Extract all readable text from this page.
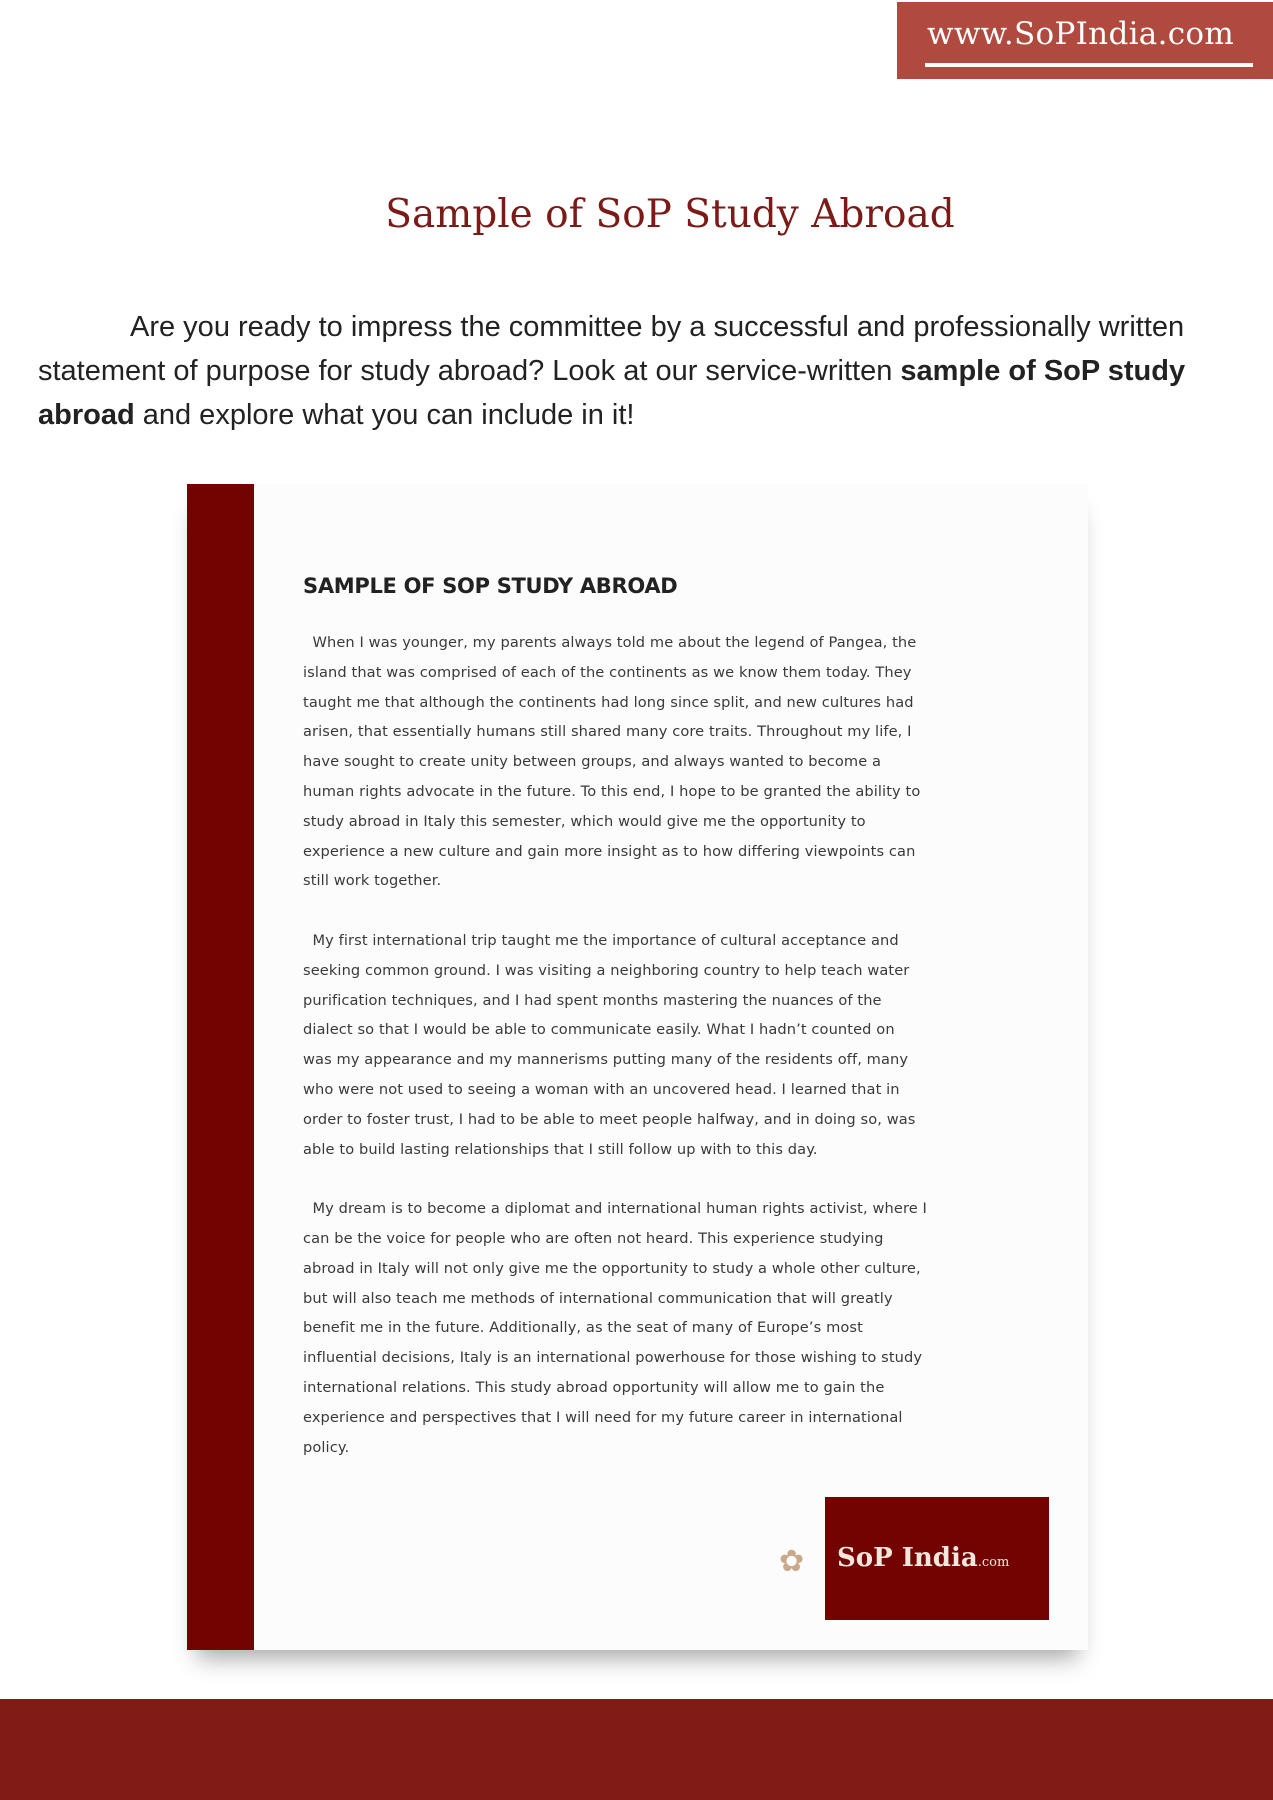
www.SoPIndia.com
Sample of SoP Study Abroad

Are you ready to impress the committee by a successful and professionally written statement of purpose for study abroad? Look at our service-written sample of SoP study abroad and explore what you can include in it!

SAMPLE OF SOP STUDY ABROAD
When I was younger, my parents always told me about the legend of Pangea, the
island that was comprised of each of the continents as we know them today. They
taught me that although the continents had long since split, and new cultures had
arisen, that essentially humans still shared many core traits. Throughout my life, I
have sought to create unity between groups, and always wanted to become a
human rights advocate in the future. To this end, I hope to be granted the ability to
study abroad in Italy this semester, which would give me the opportunity to
experience a new culture and gain more insight as to how differing viewpoints can
still work together.
My first international trip taught me the importance of cultural acceptance and
seeking common ground. I was visiting a neighboring country to help teach water
purification techniques, and I had spent months mastering the nuances of the
dialect so that I would be able to communicate easily. What I hadn’t counted on
was my appearance and my mannerisms putting many of the residents off, many
who were not used to seeing a woman with an uncovered head. I learned that in
order to foster trust, I had to be able to meet people halfway, and in doing so, was
able to build lasting relationships that I still follow up with to this day.
My dream is to become a diplomat and international human rights activist, where I
can be the voice for people who are often not heard. This experience studying
abroad in Italy will not only give me the opportunity to study a whole other culture,
but will also teach me methods of international communication that will greatly
benefit me in the future. Additionally, as the seat of many of Europe’s most
influential decisions, Italy is an international powerhouse for those wishing to study
international relations. This study abroad opportunity will allow me to gain the
experience and perspectives that I will need for my future career in international
policy.
✿ SoP India.com
